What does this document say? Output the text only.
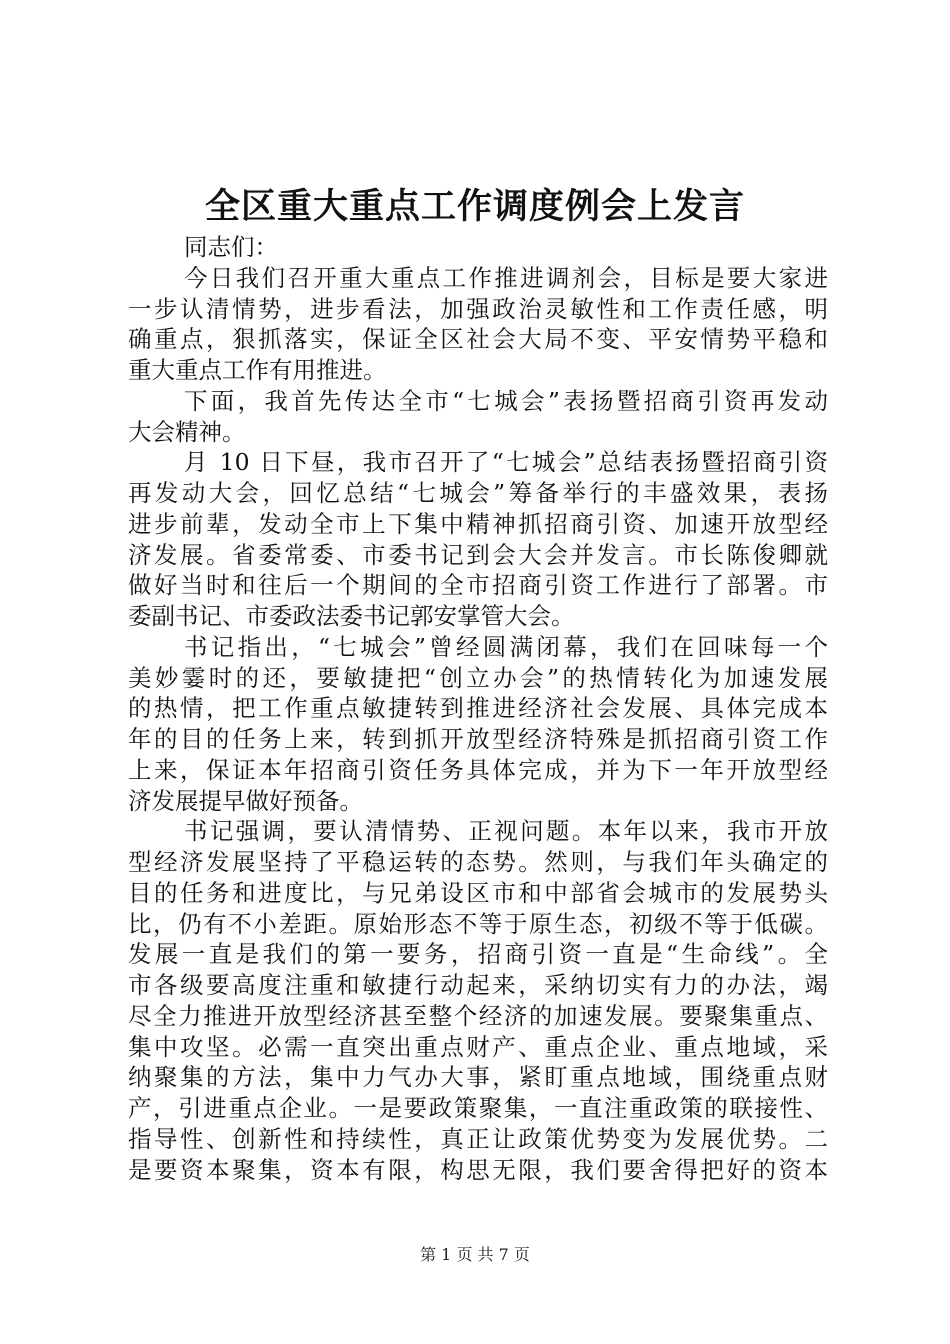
全区重大重点工作调度例会上发言
同志们：
今日我们召开重大重点工作推进调剂会，目标是要大家进
一步认清情势，进步看法，加强政治灵敏性和工作责任感，明
确重点，狠抓落实，保证全区社会大局不变、平安情势平稳和
重大重点工作有用推进。
下面，我首先传达全市“七城会”表扬暨招商引资再发动
大会精神。
月 10 日下昼，我市召开了“七城会”总结表扬暨招商引资
再发动大会，回忆总结“七城会”筹备举行的丰盛效果，表扬
进步前辈，发动全市上下集中精神抓招商引资、加速开放型经
济发展。省委常委、市委书记到会大会并发言。市长陈俊卿就
做好当时和往后一个期间的全市招商引资工作进行了部署。市
委副书记、市委政法委书记郭安掌管大会。
书记指出，“七城会”曾经圆满闭幕，我们在回味每一个
美妙霎时的还，要敏捷把“创立办会”的热情转化为加速发展
的热情，把工作重点敏捷转到推进经济社会发展、具体完成本
年的目的任务上来，转到抓开放型经济特殊是抓招商引资工作
上来，保证本年招商引资任务具体完成，并为下一年开放型经
济发展提早做好预备。
书记强调，要认清情势、正视问题。本年以来，我市开放
型经济发展坚持了平稳运转的态势。然则，与我们年头确定的
目的任务和进度比，与兄弟设区市和中部省会城市的发展势头
比，仍有不小差距。原始形态不等于原生态，初级不等于低碳。
发展一直是我们的第一要务，招商引资一直是“生命线”。全
市各级要高度注重和敏捷行动起来，采纳切实有力的办法，竭
尽全力推进开放型经济甚至整个经济的加速发展。要聚集重点、
集中攻坚。必需一直突出重点财产、重点企业、重点地域，采
纳聚集的方法，集中力气办大事，紧盯重点地域，围绕重点财
产，引进重点企业。一是要政策聚集，一直注重政策的联接性、
指导性、创新性和持续性，真正让政策优势变为发展优势。二
是要资本聚集，资本有限，构思无限，我们要舍得把好的资本
第 1 页 共 7 页
